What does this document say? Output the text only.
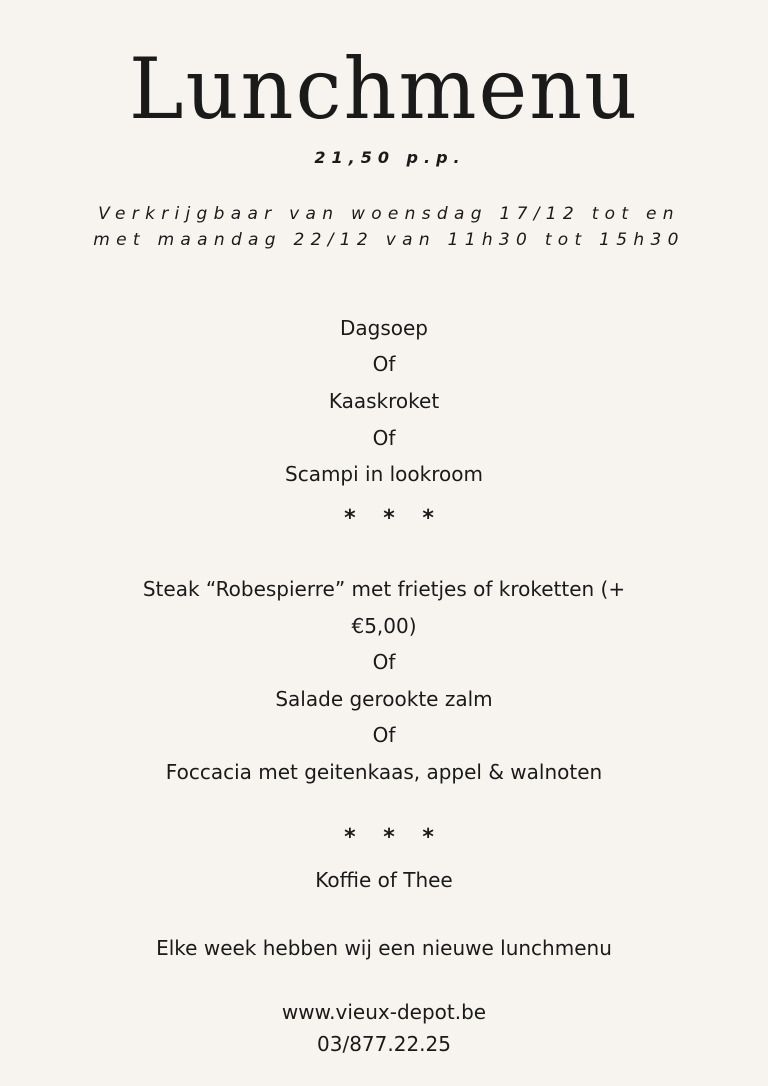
Lunchmenu
21,50 p.p.
Verkrijgbaar van woensdag 17/12 tot en
met maandag 22/12 van 11h30 tot 15h30
Dagsoep
Of
Kaaskroket
Of
Scampi in lookroom
* * *
Steak “Robespierre” met frietjes of kroketten (+
€5,00)
Of
Salade gerookte zalm
Of
Foccacia met geitenkaas, appel & walnoten
* * *
Koffie of Thee
Elke week hebben wij een nieuwe lunchmenu
www.vieux-depot.be
03/877.22.25
